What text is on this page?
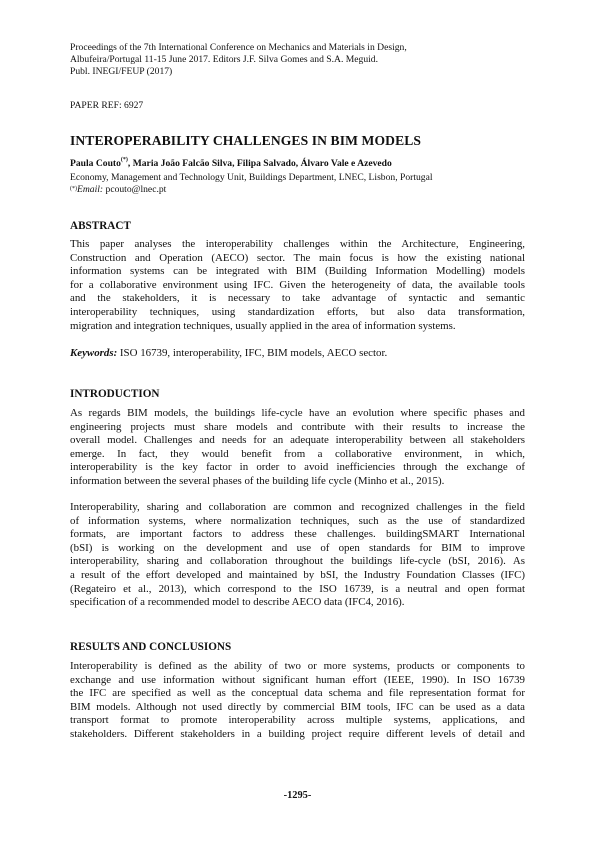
Proceedings of the 7th International Conference on Mechanics and Materials in Design,
Albufeira/Portugal 11-15 June 2017. Editors J.F. Silva Gomes and S.A. Meguid.
Publ. INEGI/FEUP (2017)
PAPER REF: 6927
INTEROPERABILITY CHALLENGES IN BIM MODELS
Paula Couto(*), Maria João Falcão Silva, Filipa Salvado, Álvaro Vale e Azevedo
Economy, Management and Technology Unit, Buildings Department, LNEC, Lisbon, Portugal
(*)Email: pcouto@lnec.pt
ABSTRACT
This paper analyses the interoperability challenges within the Architecture, Engineering,
Construction and Operation (AECO) sector. The main focus is how the existing national
information systems can be integrated with BIM (Building Information Modelling) models
for a collaborative environment using IFC. Given the heterogeneity of data, the available tools
and the stakeholders, it is necessary to take advantage of syntactic and semantic
interoperability techniques, using standardization efforts, but also data transformation,
migration and integration techniques, usually applied in the area of information systems.
Keywords: ISO 16739, interoperability, IFC, BIM models, AECO sector.
INTRODUCTION
As regards BIM models, the buildings life-cycle have an evolution where specific phases and
engineering projects must share models and contribute with their results to increase the
overall model. Challenges and needs for an adequate interoperability between all stakeholders
emerge. In fact, they would benefit from a collaborative environment, in which,
interoperability is the key factor in order to avoid inefficiencies through the exchange of
information between the several phases of the building life cycle (Minho et al., 2015).
Interoperability, sharing and collaboration are common and recognized challenges in the field
of information systems, where normalization techniques, such as the use of standardized
formats, are important factors to address these challenges. buildingSMART International
(bSI) is working on the development and use of open standards for BIM to improve
interoperability, sharing and collaboration throughout the buildings life-cycle (bSI, 2016). As
a result of the effort developed and maintained by bSI, the Industry Foundation Classes (IFC)
(Regateiro et al., 2013), which correspond to the ISO 16739, is a neutral and open format
specification of a recommended model to describe AECO data (IFC4, 2016).
RESULTS AND CONCLUSIONS
Interoperability is defined as the ability of two or more systems, products or components to
exchange and use information without significant human effort (IEEE, 1990). In ISO 16739
the IFC are specified as well as the conceptual data schema and file representation format for
BIM models. Although not used directly by commercial BIM tools, IFC can be used as a data
transport format to promote interoperability across multiple systems, applications, and
stakeholders. Different stakeholders in a building project require different levels of detail and
-1295-
